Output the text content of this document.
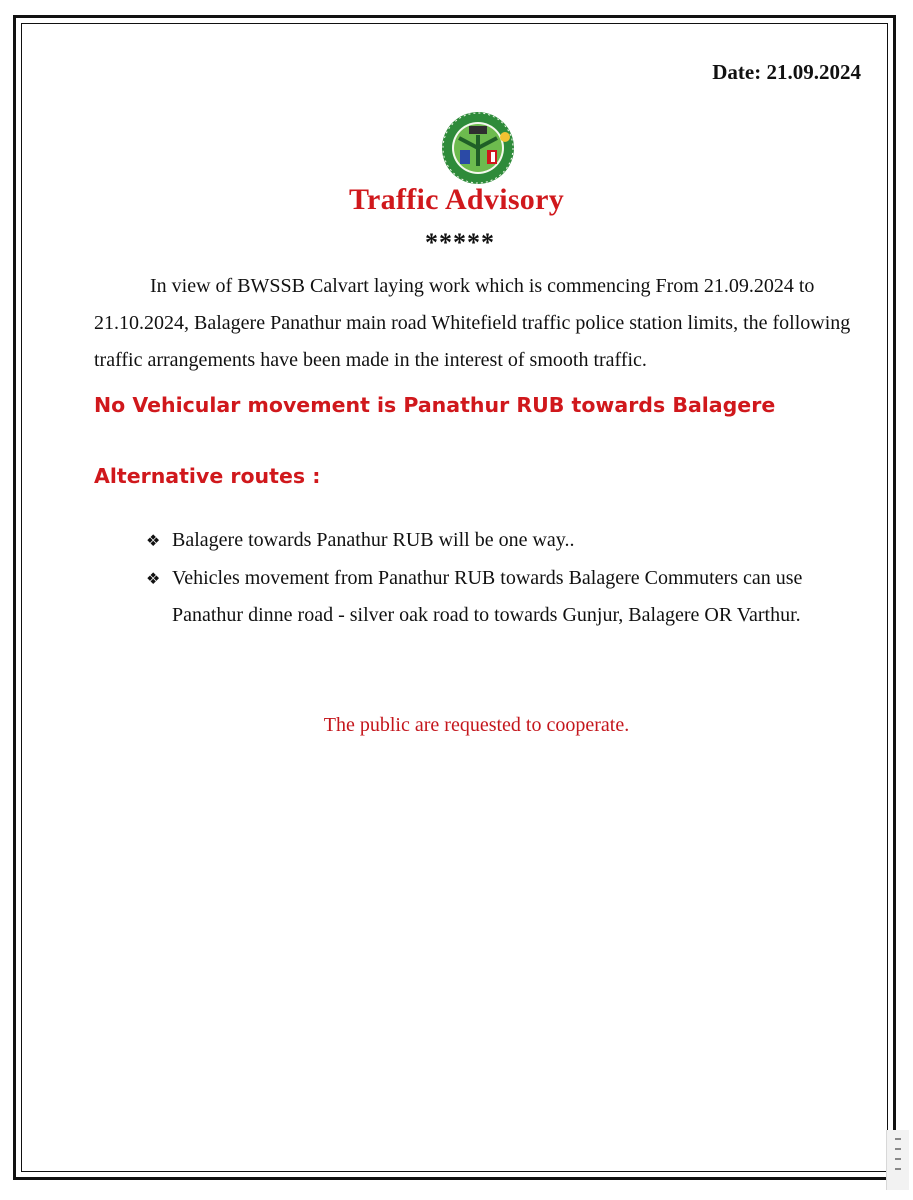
Date: 21.09.2024
Traffic Advisory
*****

In view of BWSSB Calvart laying work which is commencing From 21.09.2024 to 21.10.2024, Balagere Panathur main road Whitefield traffic police station limits, the following traffic arrangements have been made in the interest of smooth traffic.

No Vehicular movement is Panathur RUB towards Balagere

Alternative routes :

❖ Balagere towards Panathur RUB will be one way..
❖ Vehicles movement from Panathur RUB towards Balagere Commuters can use Panathur dinne road - silver oak road to towards Gunjur, Balagere OR Varthur.

The public are requested to cooperate.
